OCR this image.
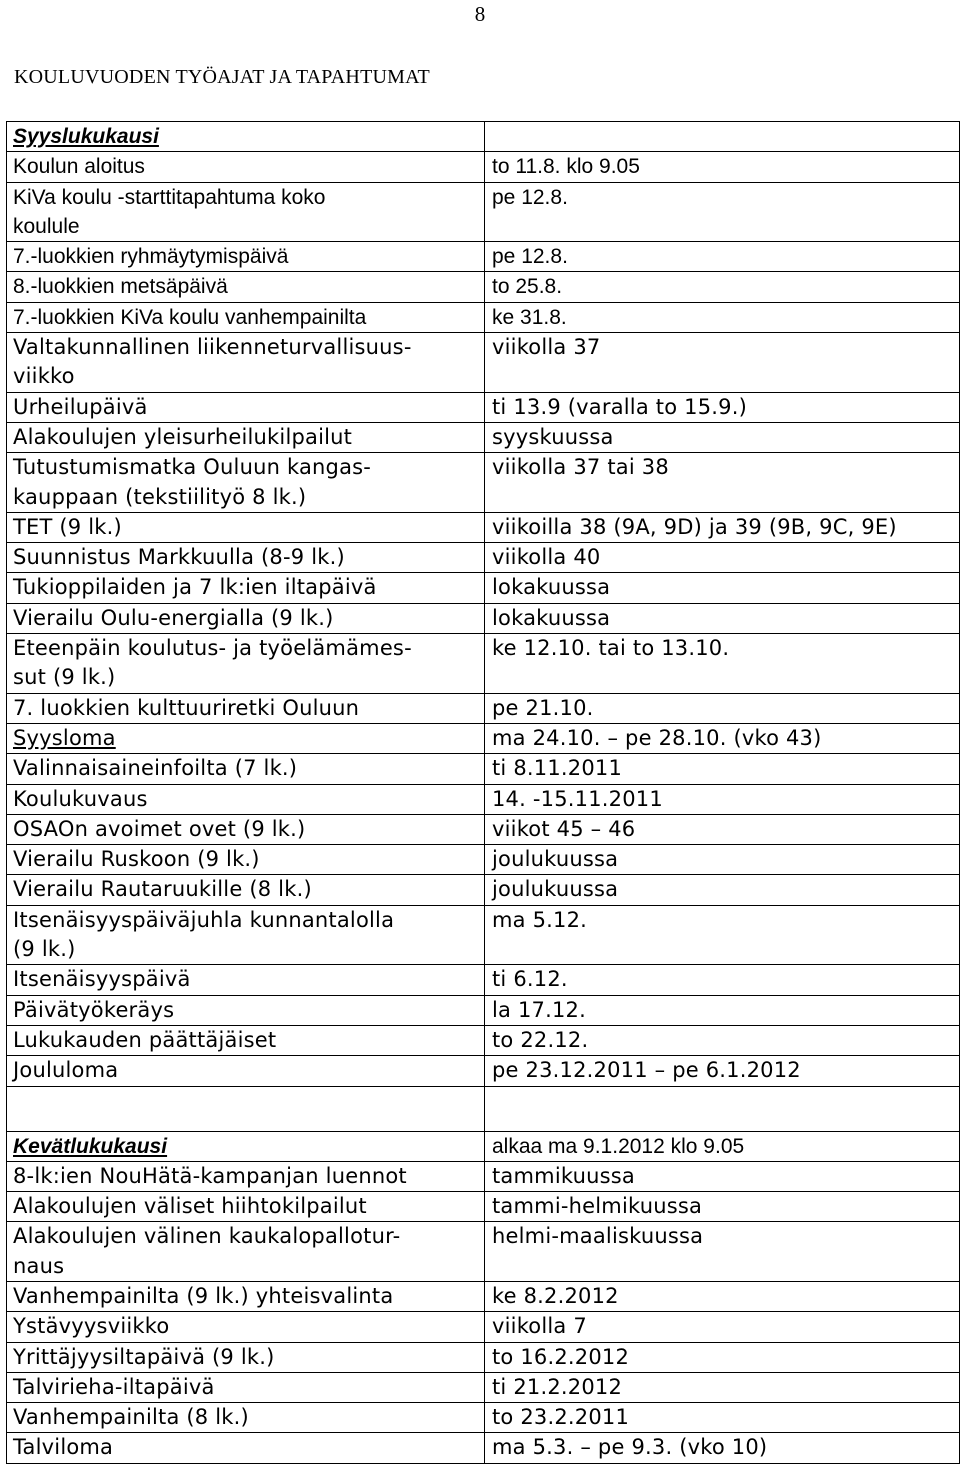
8
KOULUVUODEN TYÖAJAT JA TAPAHTUMAT
Syyslukukausi	
Koulun aloitus	to 11.8. klo 9.05
KiVa koulu -starttitapahtuma koko
koulule	pe 12.8.
7.-luokkien ryhmäytymispäivä	pe 12.8.
8.-luokkien metsäpäivä	to 25.8.
7.-luokkien KiVa koulu vanhempainilta	ke 31.8.
Valtakunnallinen liikenneturvallisuus-
viikko	viikolla 37
Urheilupäivä	ti 13.9 (varalla to 15.9.)
Alakoulujen yleisurheilukilpailut	syyskuussa
Tutustumismatka Ouluun kangas-
kauppaan (tekstiilityö 8 lk.)	viikolla 37 tai 38
TET (9 lk.)	viikoilla 38 (9A, 9D) ja 39 (9B, 9C, 9E)
Suunnistus Markkuulla (8-9 lk.)	viikolla 40
Tukioppilaiden ja 7 lk:ien iltapäivä	lokakuussa
Vierailu Oulu-energialla (9 lk.)	lokakuussa
Eteenpäin koulutus- ja työelämämes-
sut (9 lk.)	ke 12.10. tai to 13.10.
7. luokkien kulttuuriretki Ouluun	pe 21.10.
Syysloma	ma 24.10. – pe 28.10. (vko 43)
Valinnaisaineinfoilta (7 lk.)	ti 8.11.2011
Koulukuvaus	14. -15.11.2011
OSAOn avoimet ovet (9 lk.)	viikot 45 – 46
Vierailu Ruskoon (9 lk.)	joulukuussa
Vierailu Rautaruukille (8 lk.)	joulukuussa
Itsenäisyyspäiväjuhla kunnantalolla
(9 lk.)	ma 5.12.
Itsenäisyyspäivä	ti 6.12.
Päivätyökeräys	la 17.12.
Lukukauden päättäjäiset	to 22.12.
Joululoma	pe 23.12.2011 – pe 6.1.2012

Kevätlukukausi	alkaa ma 9.1.2012 klo 9.05
8-lk:ien NouHätä-kampanjan luennot	tammikuussa
Alakoulujen väliset hiihtokilpailut	tammi-helmikuussa
Alakoulujen välinen kaukalopallotur-
naus	helmi-maaliskuussa
Vanhempainilta (9 lk.) yhteisvalinta	ke 8.2.2012
Ystävyysviikko	viikolla 7
Yrittäjyysiltapäivä (9 lk.)	to 16.2.2012
Talvirieha-iltapäivä	ti 21.2.2012
Vanhempainilta (8 lk.)	to 23.2.2011
Talviloma	ma 5.3. – pe 9.3. (vko 10)
